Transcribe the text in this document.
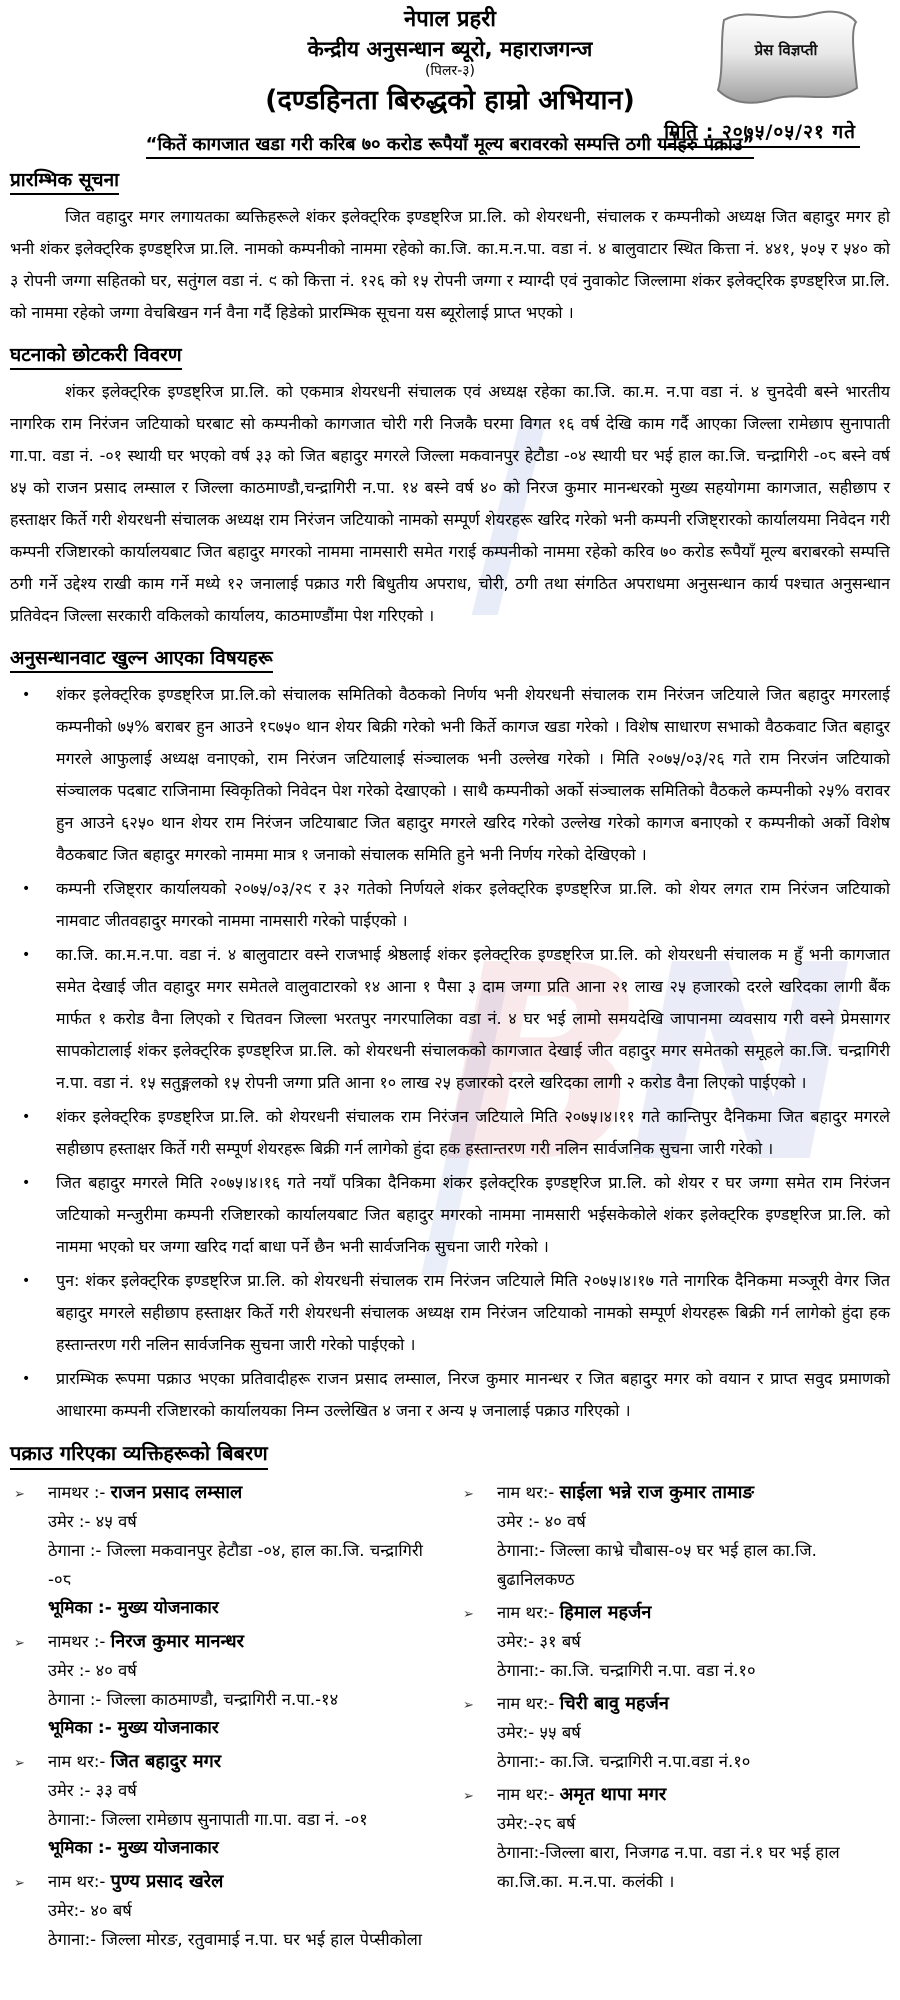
BN
नेपाल प्रहरी
केन्द्रीय अनुसन्धान ब्यूरो, महाराजगन्ज
(पिलर-३)
(दण्डहिनता बिरुद्धको हाम्रो अभियान)
प्रेस विज्ञप्ती
मिति : २०७५/०५/२१ गते
“कितें कागजात खडा गरी करिब ७० करोड रूपैयाँ मूल्य बरावरको सम्पत्ति ठगी गर्नेहरु पक्राउ”
प्रारम्भिक सूचना

जित वहादुर मगर लगायतका ब्यक्तिहरूले शंकर इलेक्ट्रिक इण्डष्ट्रिज प्रा.लि. को शेयरधनी, संचालक र कम्पनीको अध्यक्ष जित बहादुर मगर हो भनी शंकर इलेक्ट्रिक इण्डष्ट्रिज प्रा.लि. नामको कम्पनीको नाममा रहेको का.जि. का.म.न.पा. वडा नं. ४ बालुवाटार स्थित कित्ता नं. ४४१, ५०५ र ५४० को ३ रोपनी जग्गा सहितको घर, सतुंगल वडा नं. ९ को कित्ता नं. १२६ को १५ रोपनी जग्गा र म्याग्दी एवं नुवाकोट जिल्लामा शंकर इलेक्ट्रिक इण्डष्ट्रिज प्रा.लि. को नाममा रहेको जग्गा वेचबिखन गर्न वैना गर्दै हिडेको प्रारम्भिक सूचना यस ब्यूरोलाई प्राप्त भएको ।

घटनाको छोटकरी विवरण

शंकर इलेक्ट्रिक इण्डष्ट्रिज प्रा.लि. को एकमात्र शेयरधनी संचालक एवं अध्यक्ष रहेका का.जि. का.म. न.पा वडा नं. ४ चुनदेवी बस्ने भारतीय नागरिक राम निरंजन जटियाको घरबाट सो कम्पनीको कागजात चोरी गरी निजकै घरमा विगत १६ वर्ष देखि काम गर्दै आएका जिल्ला रामेछाप सुनापाती गा.पा. वडा नं. -०१ स्थायी घर भएको वर्ष ३३ को जित बहादुर मगरले जिल्ला मकवानपुर हेटौडा -०४ स्थायी घर भई हाल का.जि. चन्द्रागिरी -०८ बस्ने वर्ष ४५ को राजन प्रसाद लम्साल र जिल्ला काठमाण्डौ,चन्द्रागिरी न.पा. १४ बस्ने वर्ष ४० को निरज कुमार मानन्धरको मुख्य सहयोगमा कागजात, सहीछाप र हस्ताक्षर किर्ते गरी शेयरधनी संचालक अध्यक्ष राम निरंजन जटियाको नामको सम्पूर्ण शेयरहरू खरिद गरेको भनी कम्पनी रजिष्ट्रारको कार्यालयमा निवेदन गरी कम्पनी रजिष्टारको कार्यालयबाट जित बहादुर मगरको नाममा नामसारी समेत गराई कम्पनीको नाममा रहेको करिव ७० करोड रूपैयाँ मूल्य बराबरको सम्पत्ति ठगी गर्ने उद्देश्य राखी काम गर्ने मध्ये १२ जनालाई पक्राउ गरी बिधुतीय अपराध, चोरी, ठगी तथा संगठित अपराधमा अनुसन्धान कार्य पश्चात अनुसन्धान प्रतिवेदन जिल्ला सरकारी वकिलको कार्यालय, काठमाण्डौंमा पेश गरिएको ।

अनुसन्धानवाट खुल्न आएका विषयहरू
• शंकर इलेक्ट्रिक इण्डष्ट्रिज प्रा.लि.को संचालक समितिको वैठकको निर्णय भनी शेयरधनी संचालक राम निरंजन जटियाले जित बहादुर मगरलाई कम्पनीको ७५% बराबर हुन आउने १८७५० थान शेयर बिक्री गरेको भनी किर्ते कागज खडा गरेको । विशेष साधारण सभाको वैठकवाट जित बहादुर मगरले आफुलाई अध्यक्ष वनाएको, राम निरंजन जटियालाई संञ्चालक भनी उल्लेख गरेको । मिति २०७५/०३/२६ गते राम निरजंन जटियाको संञ्चालक पदबाट राजिनामा स्विकृतिको निवेदन पेश गरेको देखाएको । साथै कम्पनीको अर्को संञ्चालक समितिको वैठकले कम्पनीको २५% वरावर हुन आउने ६२५० थान शेयर राम निरंजन जटियाबाट जित बहादुर मगरले खरिद गरेको उल्लेख गरेको कागज बनाएको र कम्पनीको अर्को विशेष वैठकबाट जित बहादुर मगरको नाममा मात्र १ जनाको संचालक समिति हुने भनी निर्णय गरेको देखिएको ।
• कम्पनी रजिष्ट्रार कार्यालयको २०७५/०३/२९ र ३२ गतेको निर्णयले शंकर इलेक्ट्रिक इण्डष्ट्रिज प्रा.लि. को शेयर लगत राम निरंजन जटियाको नामवाट जीतवहादुर मगरको नाममा नामसारी गरेको पाईएको ।
• का.जि. का.म.न.पा. वडा नं. ४ बालुवाटार वस्ने राजभाई श्रेष्ठलाई शंकर इलेक्ट्रिक इण्डष्ट्रिज प्रा.लि. को शेयरधनी संचालक म हुँ भनी कागजात समेत देखाई जीत वहादुर मगर समेतले वालुवाटारको १४ आना १ पैसा ३ दाम जग्गा प्रति आना २१ लाख २५ हजारको दरले खरिदका लागी बैंक मार्फत १ करोड वैना लिएको र चितवन जिल्ला भरतपुर नगरपालिका वडा नं. ४ घर भई लामो समयदेखि जापानमा व्यवसाय गरी वस्ने प्रेमसागर सापकोटालाई शंकर इलेक्ट्रिक इण्डष्ट्रिज प्रा.लि. को शेयरधनी संचालकको कागजात देखाई जीत वहादुर मगर समेतको समूहले का.जि. चन्द्रागिरी न.पा. वडा नं. १५ सतुङ्गलको १५ रोपनी जग्गा प्रति आना १० लाख २५ हजारको दरले खरिदका लागी २ करोड वैना लिएको पाईएको ।
• शंकर इलेक्ट्रिक इण्डष्ट्रिज प्रा.लि. को शेयरधनी संचालक राम निरंजन जटियाले मिति २०७५।४।११ गते कान्तिपुर दैनिकमा जित बहादुर मगरले सहीछाप हस्ताक्षर किर्ते गरी सम्पूर्ण शेयरहरू बिक्री गर्न लागेको हुंदा हक हस्तान्तरण गरी नलिन सार्वजनिक सुचना जारी गरेको ।
• जित बहादुर मगरले मिति २०७५।४।१६ गते नयाँ पत्रिका दैनिकमा शंकर इलेक्ट्रिक इण्डष्ट्रिज प्रा.लि. को शेयर र घर जग्गा समेत राम निरंजन जटियाको मन्जुरीमा कम्पनी रजिष्टारको कार्यालयबाट जित बहादुर मगरको नाममा नामसारी भईसकेकोले शंकर इलेक्ट्रिक इण्डष्ट्रिज प्रा.लि. को नाममा भएको घर जग्गा खरिद गर्दा बाधा पर्ने छैन भनी सार्वजनिक सुचना जारी गरेको ।
• पुन: शंकर इलेक्ट्रिक इण्डष्ट्रिज प्रा.लि. को शेयरधनी संचालक राम निरंजन जटियाले मिति २०७५।४।१७ गते नागरिक दैनिकमा मञ्जूरी वेगर जित बहादुर मगरले सहीछाप हस्ताक्षर किर्ते गरी शेयरधनी संचालक अध्यक्ष राम निरंजन जटियाको नामको सम्पूर्ण शेयरहरू बिक्री गर्न लागेको हुंदा हक हस्तान्तरण गरी नलिन सार्वजनिक सुचना जारी गरेको पाईएको ।
• प्रारम्भिक रूपमा पक्राउ भएका प्रतिवादीहरू राजन प्रसाद लम्साल, निरज कुमार मानन्धर र जित बहादुर मगर को वयान र प्राप्त सवुद प्रमाणको आधारमा कम्पनी रजिष्टारको कार्यालयका निम्न उल्लेखित ४ जना र अन्य ५ जनालाई पक्राउ गरिएको ।
पक्राउ गरिएका व्यक्तिहरूको बिबरण
➢ नामथर :- राजन प्रसाद लम्साल
उमेर :- ४५ वर्ष
ठेगाना :- जिल्ला मकवानपुर हेटौडा -०४, हाल का.जि. चन्द्रागिरी -०८
भूमिका :- मुख्य योजनाकार
➢ नामथर :- निरज कुमार मानन्धर
उमेर :- ४० वर्ष
ठेगाना :- जिल्ला काठमाण्डौ, चन्द्रागिरी न.पा.-१४
भूमिका :- मुख्य योजनाकार
➢ नाम थर:- जित बहादुर मगर
उमेर :- ३३ वर्ष
ठेगाना:- जिल्ला रामेछाप सुनापाती गा.पा. वडा नं. -०१
भूमिका :- मुख्य योजनाकार
➢ नाम थर:- पुण्य प्रसाद खरेल
उमेर:- ४० बर्ष
ठेगाना:- जिल्ला मोरङ, रतुवामाई न.पा. घर भई हाल पेप्सीकोला
➢ नाम थर:- साईला भन्ने राज कुमार तामाङ
उमेर :- ४० वर्ष
ठेगाना:- जिल्ला काभ्रे चौबास-०५ घर भई हाल का.जि. बुढानिलकण्ठ
➢ नाम थर:- हिमाल महर्जन
उमेर:- ३१ बर्ष
ठेगाना:- का.जि. चन्द्रागिरी न.पा. वडा नं.१०
➢ नाम थर:- चिरी बावु महर्जन
उमेर:- ५५ बर्ष
ठेगाना:- का.जि. चन्द्रागिरी न.पा.वडा नं.१०
➢ नाम थर:- अमृत थापा मगर
उमेर:-२८ बर्ष
ठेगाना:-जिल्ला बारा, निजगढ न.पा. वडा नं.१ घर भई हाल का.जि.का. म.न.पा. कलंकी ।
